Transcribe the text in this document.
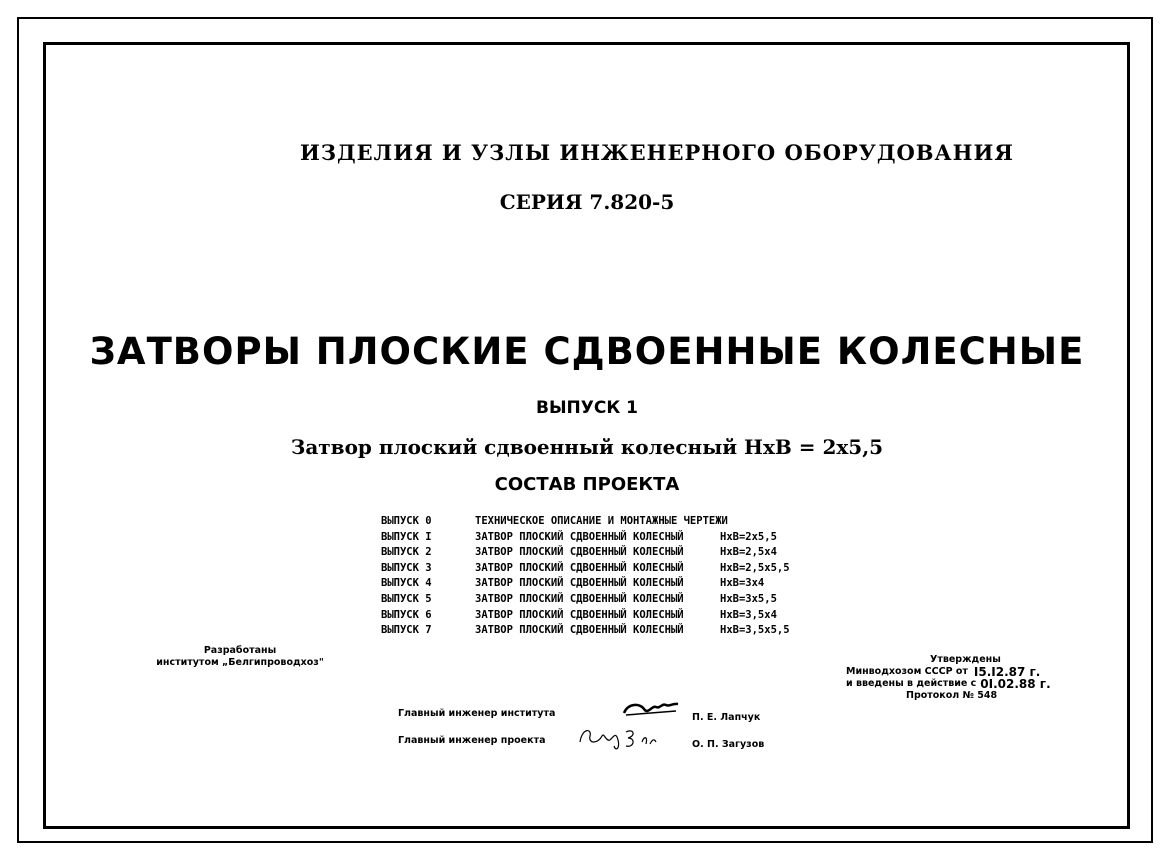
ИЗДЕЛИЯ И УЗЛЫ ИНЖЕНЕРНОГО ОБОРУДОВАНИЯ
СЕРИЯ 7.820-5
ЗАТВОРЫ ПЛОСКИЕ СДВОЕННЫЕ КОЛЕСНЫЕ
ВЫПУСК 1
Затвор плоский сдвоенный колесный НхВ = 2х5,5
СОСТАВ ПРОЕКТА
ВЫПУСК 0	ТЕХНИЧЕСКОЕ ОПИСАНИЕ И МОНТАЖНЫЕ ЧЕРТЕЖИ
ВЫПУСК I	ЗАТВОР ПЛОСКИЙ СДВОЕННЫЙ КОЛЕСНЫЙ	НхВ=2х5,5
ВЫПУСК 2	ЗАТВОР ПЛОСКИЙ СДВОЕННЫЙ КОЛЕСНЫЙ	НхВ=2,5х4
ВЫПУСК 3	ЗАТВОР ПЛОСКИЙ СДВОЕННЫЙ КОЛЕСНЫЙ	НхВ=2,5х5,5
ВЫПУСК 4	ЗАТВОР ПЛОСКИЙ СДВОЕННЫЙ КОЛЕСНЫЙ	НхВ=3х4
ВЫПУСК 5	ЗАТВОР ПЛОСКИЙ СДВОЕННЫЙ КОЛЕСНЫЙ	НхВ=3х5,5
ВЫПУСК 6	ЗАТВОР ПЛОСКИЙ СДВОЕННЫЙ КОЛЕСНЫЙ	НхВ=3,5х4
ВЫПУСК 7	ЗАТВОР ПЛОСКИЙ СДВОЕННЫЙ КОЛЕСНЫЙ	НхВ=3,5х5,5
Разработаны
институтом „Белгипроводхоз"	Утверждены
Минводхозом СССР от I5.I2.87 г.
и введены в действие с 0I.02.88 г.
Протокол № 548
Главный инженер института	П. Е. Лапчук
Главный инженер проекта	О. П. Загузов
